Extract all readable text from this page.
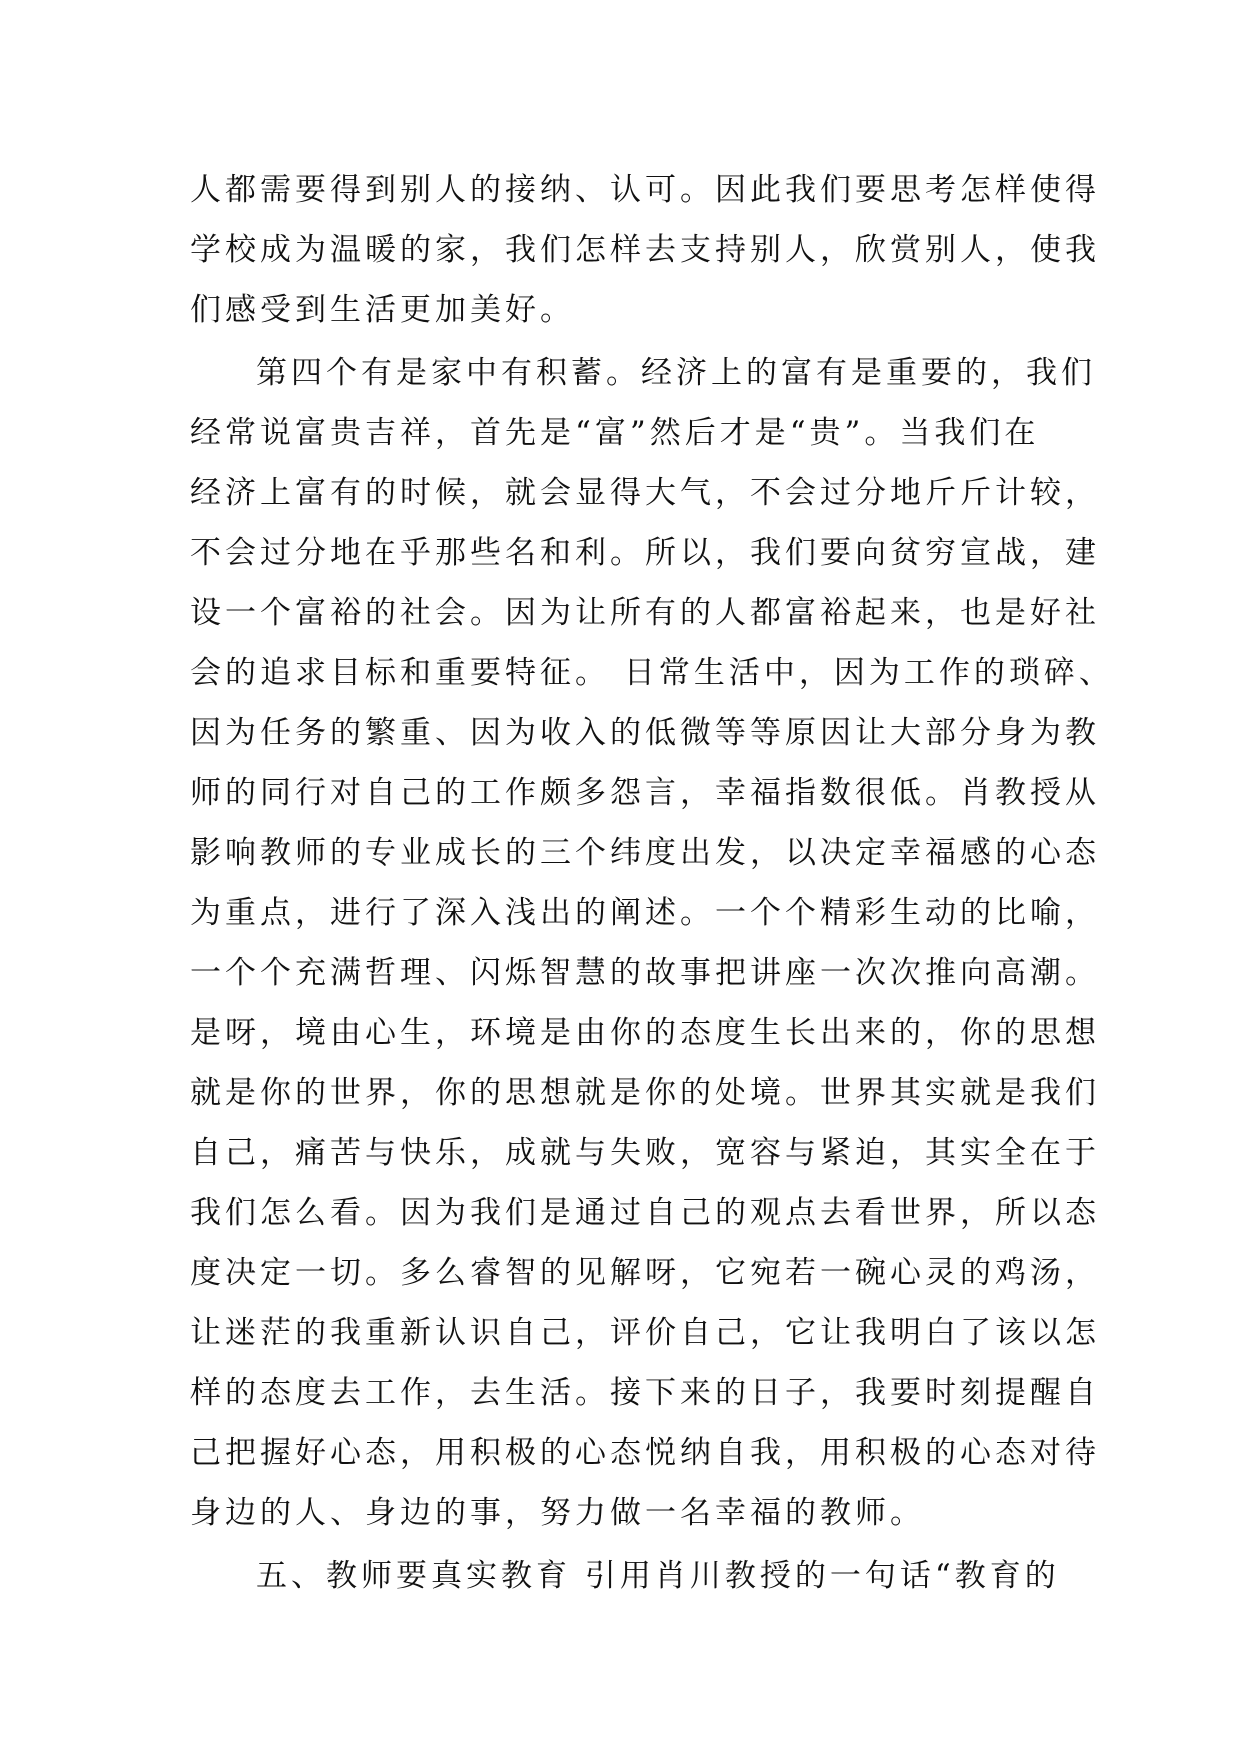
人都需要得到别人的接纳、认可。因此我们要思考怎样使得
学校成为温暖的家，我们怎样去支持别人，欣赏别人，使我
们感受到生活更加美好。
第四个有是家中有积蓄。经济上的富有是重要的，我们
经常说富贵吉祥，首先是“富”然后才是“贵”。当我们在
经济上富有的时候，就会显得大气，不会过分地斤斤计较，
不会过分地在乎那些名和利。所以，我们要向贫穷宣战，建
设一个富裕的社会。因为让所有的人都富裕起来，也是好社
会的追求目标和重要特征。 日常生活中，因为工作的琐碎、
因为任务的繁重、因为收入的低微等等原因让大部分身为教
师的同行对自己的工作颇多怨言，幸福指数很低。肖教授从
影响教师的专业成长的三个纬度出发，以决定幸福感的心态
为重点，进行了深入浅出的阐述。一个个精彩生动的比喻，
一个个充满哲理、闪烁智慧的故事把讲座一次次推向高潮。
是呀，境由心生，环境是由你的态度生长出来的，你的思想
就是你的世界，你的思想就是你的处境。世界其实就是我们
自己，痛苦与快乐，成就与失败，宽容与紧迫，其实全在于
我们怎么看。因为我们是通过自己的观点去看世界，所以态
度决定一切。多么睿智的见解呀，它宛若一碗心灵的鸡汤，
让迷茫的我重新认识自己，评价自己，它让我明白了该以怎
样的态度去工作，去生活。接下来的日子，我要时刻提醒自
己把握好心态，用积极的心态悦纳自我，用积极的心态对待
身边的人、身边的事，努力做一名幸福的教师。
五、教师要真实教育 引用肖川教授的一句话“教育的
